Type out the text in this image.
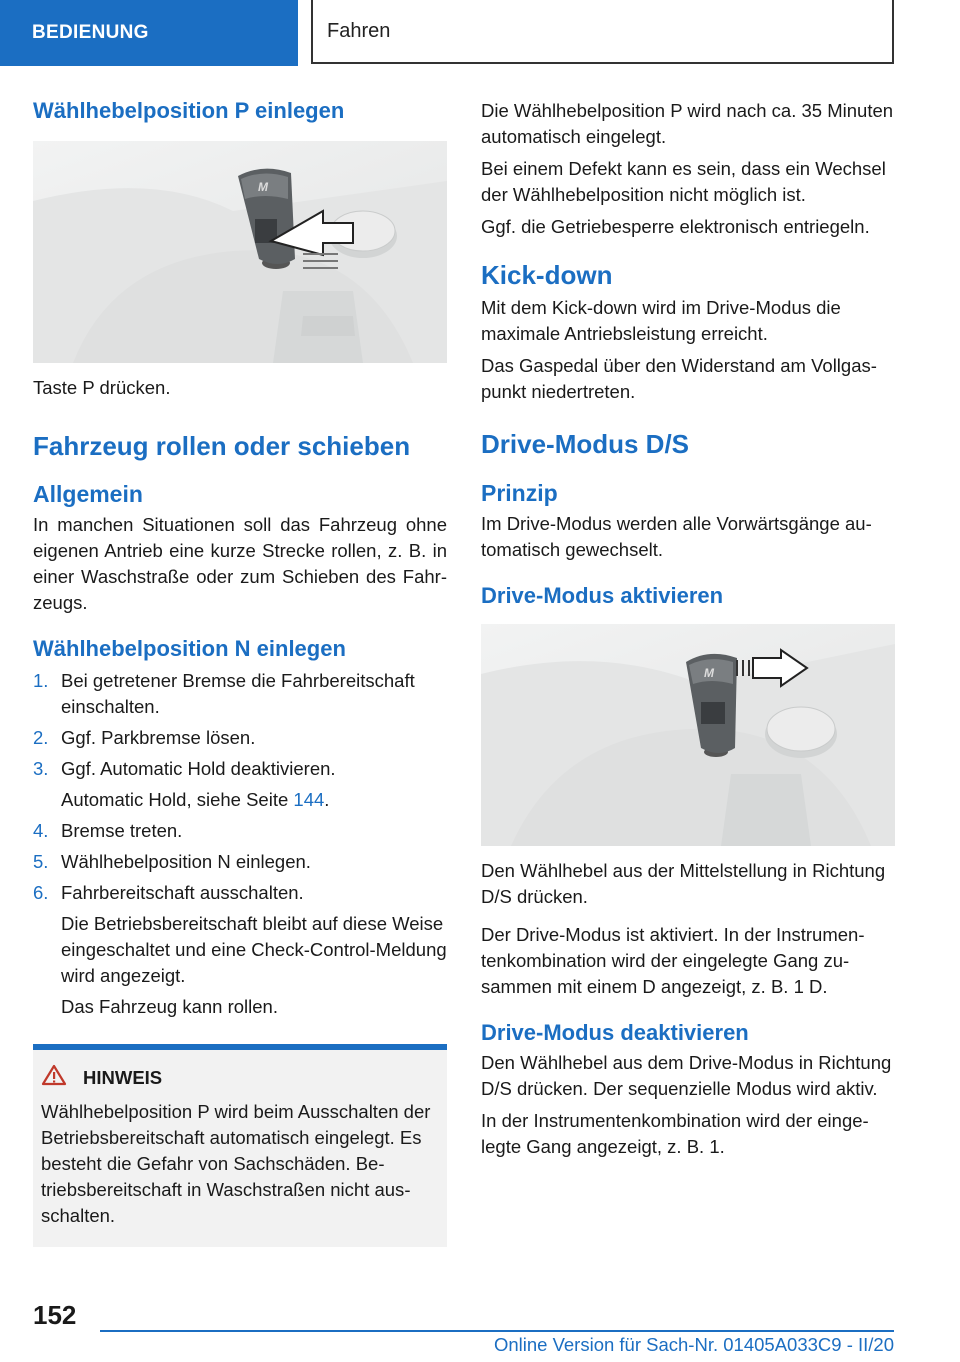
BEDIENUNG	Fahren
Wählhebelposition P einlegen
M

Taste P drücken.

Fahrzeug rollen oder schieben
Allgemein

In manchen Situationen soll das Fahrzeug ohne eigenen Antrieb eine kurze Strecke rollen, z. B. in einer Waschstraße oder zum Schieben des Fahrzeugs.

Wählhebelposition N einlegen
1. Bei getretener Bremse die Fahrbereitschaft einschalten.
2. Ggf. Parkbremse lösen.
3. Ggf. Automatic Hold deaktivieren.
Automatic Hold, siehe Seite 144.
4. Bremse treten.
5. Wählhebelposition N einlegen.
6. Fahrbereitschaft ausschalten.
Die Betriebsbereitschaft bleibt auf diese Weise eingeschaltet und eine Check-Control-Meldung wird angezeigt.
Das Fahrzeug kann rollen.
HINWEIS

Wählhebelposition P wird beim Ausschalten der Betriebsbereitschaft automatisch eingelegt. Es besteht die Gefahr von Sachschäden. Betriebsbereitschaft in Waschstraßen nicht ausschalten.

Die Wählhebelposition P wird nach ca. 35 Minuten automatisch eingelegt.

Bei einem Defekt kann es sein, dass ein Wechsel der Wählhebelposition nicht möglich ist.

Ggf. die Getriebesperre elektronisch entriegeln.

Kick-down

Mit dem Kick-down wird im Drive-Modus die maximale Antriebsleistung erreicht.

Das Gaspedal über den Widerstand am Vollgaspunkt niedertreten.

Drive-Modus D/S
Prinzip

Im Drive-Modus werden alle Vorwärtsgänge automatisch gewechselt.

Drive-Modus aktivieren
M

Den Wählhebel aus der Mittelstellung in Richtung D/S drücken.

Der Drive-Modus ist aktiviert. In der Instrumentenkombination wird der eingelegte Gang zusammen mit einem D angezeigt, z. B. 1 D.

Drive-Modus deaktivieren

Den Wählhebel aus dem Drive-Modus in Richtung D/S drücken. Der sequenzielle Modus wird aktiv.

In der Instrumentenkombination wird der eingelegte Gang angezeigt, z. B. 1.

152
Online Version für Sach-Nr. 01405A033C9 - II/20
